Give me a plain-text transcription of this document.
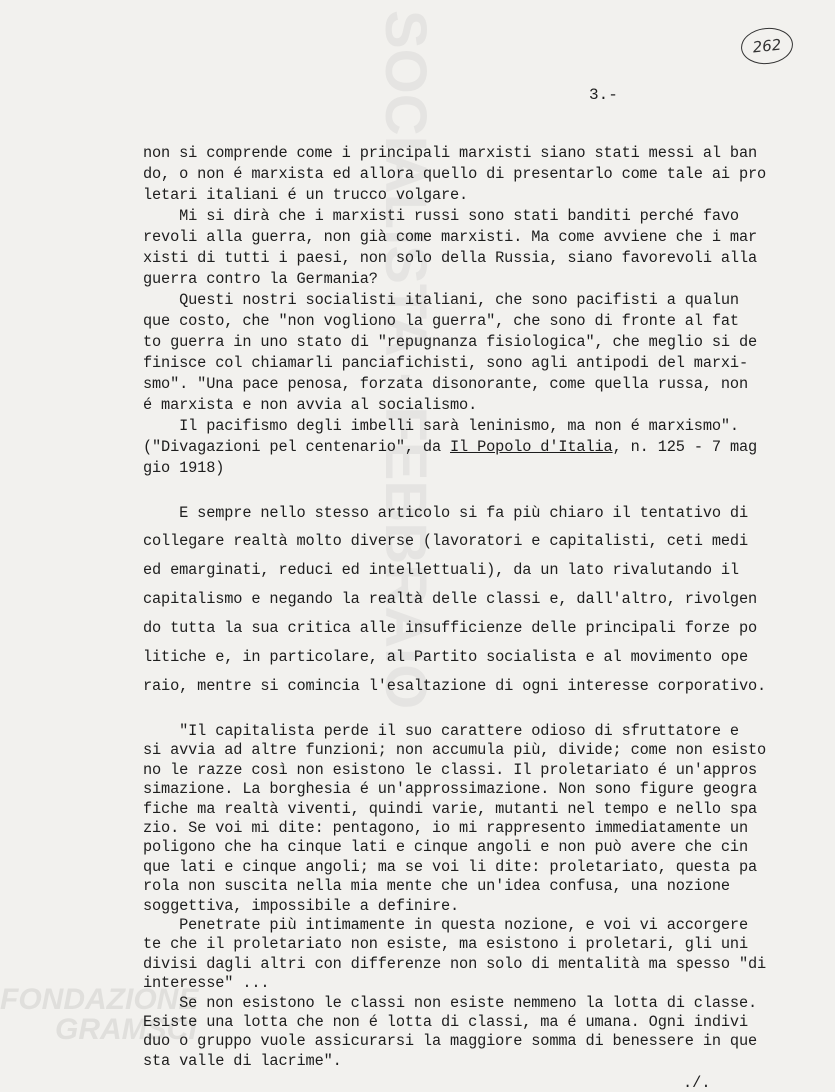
SOCIALISTA · FEBBRAIO
FONDAZIONE
GRAMSCI
262
3.-
non si comprende come i principali marxisti siano stati messi al ban
do, o non é marxista ed allora quello di presentarlo come tale ai pro
letari italiani é un trucco volgare.
Mi si dirà che i marxisti russi sono stati banditi perché favo
revoli alla guerra, non già come marxisti. Ma come avviene che i mar
xisti di tutti i paesi, non solo della Russia, siano favorevoli alla
guerra contro la Germania?
Questi nostri socialisti italiani, che sono pacifisti a qualun
que costo, che "non vogliono la guerra", che sono di fronte al fat
to guerra in uno stato di "repugnanza fisiologica", che meglio si de
finisce col chiamarli panciafichisti, sono agli antipodi del marxi-
smo". "Una pace penosa, forzata disonorante, come quella russa, non
é marxista e non avvia al socialismo.
Il pacifismo degli imbelli sarà leninismo, ma non é marxismo".
("Divagazioni pel centenario", da Il Popolo d'Italia, n. 125 - 7 mag
gio 1918)
E sempre nello stesso articolo si fa più chiaro il tentativo di
collegare realtà molto diverse (lavoratori e capitalisti, ceti medi
ed emarginati, reduci ed intellettuali), da un lato rivalutando il
capitalismo e negando la realtà delle classi e, dall'altro, rivolgen
do tutta la sua critica alle insufficienze delle principali forze po
litiche e, in particolare, al Partito socialista e al movimento ope
raio, mentre si comincia l'esaltazione di ogni interesse corporativo.
"Il capitalista perde il suo carattere odioso di sfruttatore e
si avvia ad altre funzioni; non accumula più, divide; come non esisto
no le razze così non esistono le classi. Il proletariato é un'appros
simazione. La borghesia é un'approssimazione. Non sono figure geogra
fiche ma realtà viventi, quindi varie, mutanti nel tempo e nello spa
zio. Se voi mi dite: pentagono, io mi rappresento immediatamente un
poligono che ha cinque lati e cinque angoli e non può avere che cin
que lati e cinque angoli; ma se voi li dite: proletariato, questa pa
rola non suscita nella mia mente che un'idea confusa, una nozione
soggettiva, impossibile a definire.
Penetrate più intimamente in questa nozione, e voi vi accorgere
te che il proletariato non esiste, ma esistono i proletari, gli uni
divisi dagli altri con differenze non solo di mentalità ma spesso "di
interesse" ...
Se non esistono le classi non esiste nemmeno la lotta di classe.
Esiste una lotta che non é lotta di classi, ma é umana. Ogni indivi
duo o gruppo vuole assicurarsi la maggiore somma di benessere in que
./.
sta valle di lacrime".
